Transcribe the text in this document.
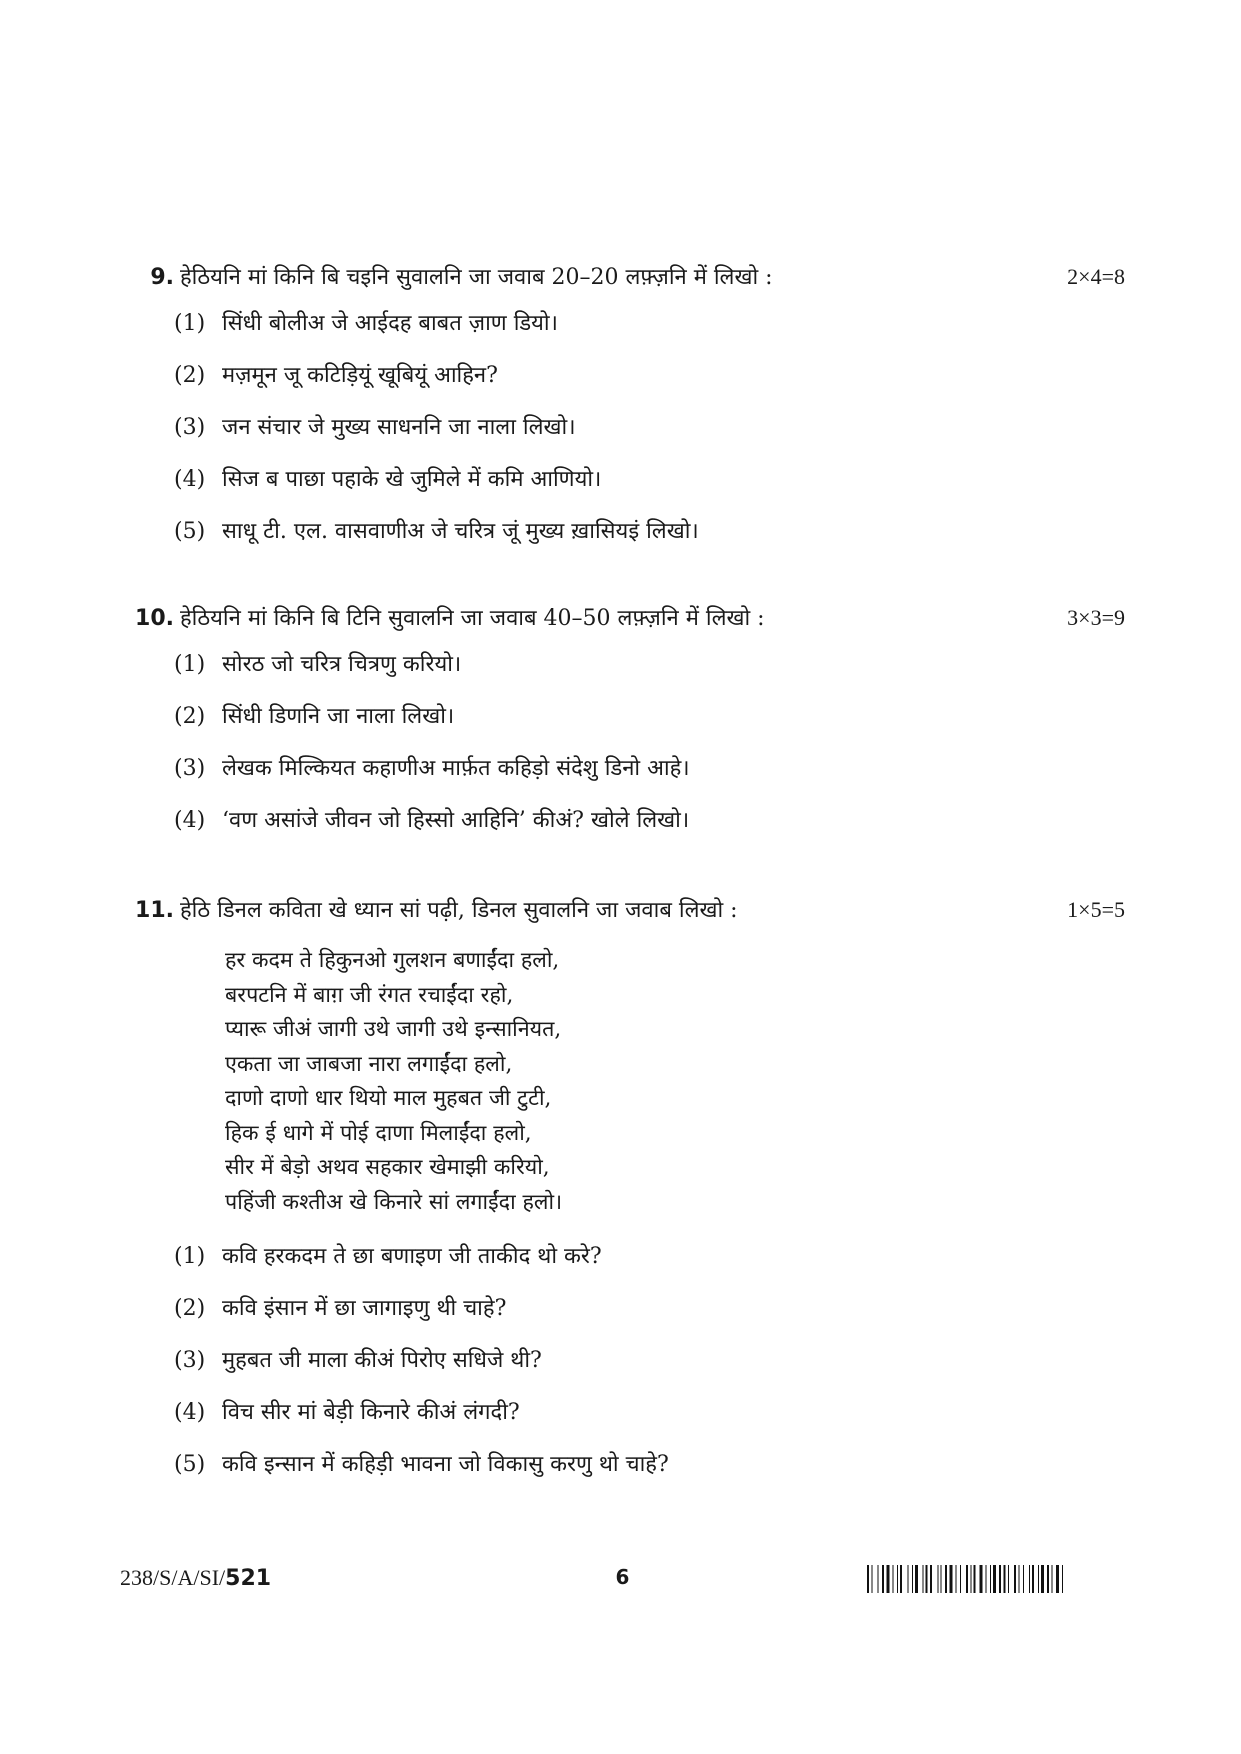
9. हेठियनि मां किनि बि चइनि सुवालनि जा जवाब 20–20 लफ़्ज़नि में लिखो :	2×4=8
(1) सिंधी बोलीअ जे आईदह बाबत ज़ाण डियो।
(2) मज़मून जू कटिड़ियूं खूबियूं आहिन?
(3) जन संचार जे मुख्य साधननि जा नाला लिखो।
(4) सिज ब पाछा पहाके खे जुमिले में कमि आणियो।
(5) साधू टी. एल. वासवाणीअ जे चरित्र जूं मुख्य ख़ासियइं लिखो।
10. हेठियनि मां किनि बि टिनि सुवालनि जा जवाब 40–50 लफ़्ज़नि में लिखो :	3×3=9
(1) सोरठ जो चरित्र चित्रणु करियो।
(2) सिंधी डिणनि जा नाला लिखो।
(3) लेखक मिल्कियत कहाणीअ मार्फ़त कहिड़ो संदेशु डिनो आहे।
(4) ‘वण असांजे जीवन जो हिस्सो आहिनि’ कीअं? खोले लिखो।
11. हेठि डिनल कविता खे ध्यान सां पढ़ी, डिनल सुवालनि जा जवाब लिखो :	1×5=5
हर कदम ते हिकुनओ गुलशन बणाईंदा हलो,
बरपटनि में बाग़ जी रंगत रचाईंदा रहो,
प्यारू जीअं जागी उथे जागी उथे इन्सानियत,
एकता जा जाबजा नारा लगाईंदा हलो,
दाणो दाणो धार थियो माल मुहबत जी टुटी,
हिक ई धागे में पोई दाणा मिलाईंदा हलो,
सीर में बेड़ो अथव सहकार खेमाझी करियो,
पहिंजी कश्तीअ खे किनारे सां लगाईंदा हलो।
(1) कवि हरकदम ते छा बणाइण जी ताकीद थो करे?
(2) कवि इंसान में छा जागाइणु थी चाहे?
(3) मुहबत जी माला कीअं पिरोए सधिजे थी?
(4) विच सीर मां बेड़ी किनारे कीअं लंगदी?
(5) कवि इन्सान में कहिड़ी भावना जो विकासु करणु थो चाहे?
238/S/A/SI/521	6
